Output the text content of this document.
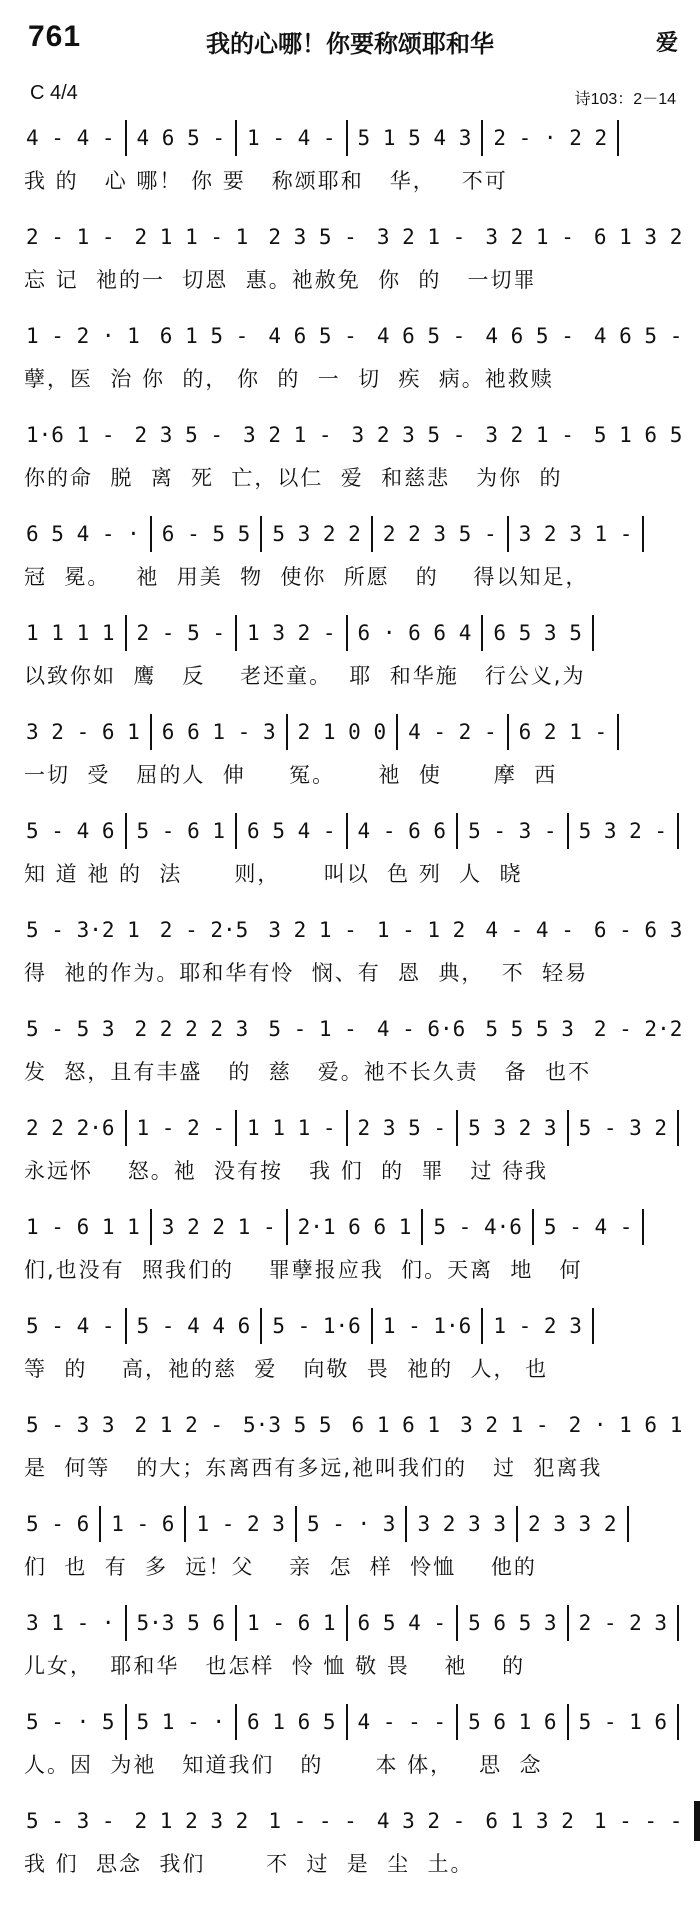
761	我的心哪！你要称颂耶和华	爱
C 4/4	诗103：2－14
4 - 4 - 4 6 5 - 1 - 4 - 5 1 5 4 3 2 - · 2 2
我 的   心 哪！ 你 要   称颂耶和   华，   不可
2 - 1 - 2 1 1 - 1 2 3 5 - 3 2 1 - 3 2 1 - 6 1 3 2
忘 记  祂的一  切恩  惠。祂赦免  你  的   一切罪
1 - 2 · 1 6 1 5 - 4 6 5 - 4 6 5 - 4 6 5 - 4 6 5 -
孽，医  治 你  的， 你  的  一  切  疾  病。祂救赎
1·6 1 - 2 3 5 - 3 2 1 - 3 2 3 5 - 3 2 1 - 5 1 6 5
你的命  脱  离  死  亡，以仁  爱  和慈悲   为你  的
6 5 4 - · 6 - 5 5 5 3 2 2 2 2 3 5 - 3 2 3 1 -
冠  冕。   祂  用美  物  使你  所愿   的    得以知足，
1 1 1 1 2 - 5 - 1 3 2 - 6 · 6 6 4 6 5 3 5
以致你如  鹰   反    老还童。  耶  和华施   行公义,为
3 2 - 6 1 6 6 1 - 3 2 1 0 0 4 - 2 - 6 2 1 -
一切  受   屈的人  伸     冤。     祂  使      摩  西
5 - 4 6 5 - 6 1 6 5 4 - 4 - 6 6 5 - 3 - 5 3 2 -
知 道 祂 的  法      则，     叫以  色 列  人  晓
5 - 3·2 1 2 - 2·5 3 2 1 - 1 - 1 2 4 - 4 - 6 - 6 3
得  祂的作为。耶和华有怜  悯、有  恩  典，  不  轻易
5 - 5 3 2 2 2 2 3 5 - 1 - 4 - 6·6 5 5 5 3 2 - 2·2
发  怒，且有丰盛   的  慈   爱。祂不长久责   备  也不
2 2 2·6 1 - 2 - 1 1 1 - 2 3 5 - 5 3 2 3 5 - 3 2
永远怀    怒。祂  没有按   我 们  的  罪   过 待我
1 - 6 1 1 3 2 2 1 - 2·1 6 6 1 5 - 4·6 5 - 4 -
们,也没有  照我们的    罪孽报应我  们。天离  地   何
5 - 4 - 5 - 4 4 6 5 - 1·6 1 - 1·6 1 - 2 3
等  的    高，祂的慈  爱   向敬  畏  祂的  人， 也
5 - 3 3 2 1 2 - 5·3 5 5 6 1 6 1 3 2 1 - 2 · 1 6 1
是  何等   的大；东离西有多远,祂叫我们的   过  犯离我
5 - 6 1 - 6 1 - 2 3 5 - · 3 3 2 3 3 2 3 3 2
们  也  有  多  远！父    亲  怎  样  怜恤    他的
3 1 - · 5·3 5 6 1 - 6 1 6 5 4 - 5 6 5 3 2 - 2 3
儿女，  耶和华   也怎样  怜 恤 敬 畏    祂    的
5 - · 5 5 1 - · 6 1 6 5 4 - - - 5 6 1 6 5 - 1 6
人。因  为祂   知道我们   的      本 体，   思  念
5 - 3 - 2 1 2 3 2 1 - - - 4 3 2 - 6 1 3 2 1 - - -
我 们  思念  我们       不  过  是  尘  土。
